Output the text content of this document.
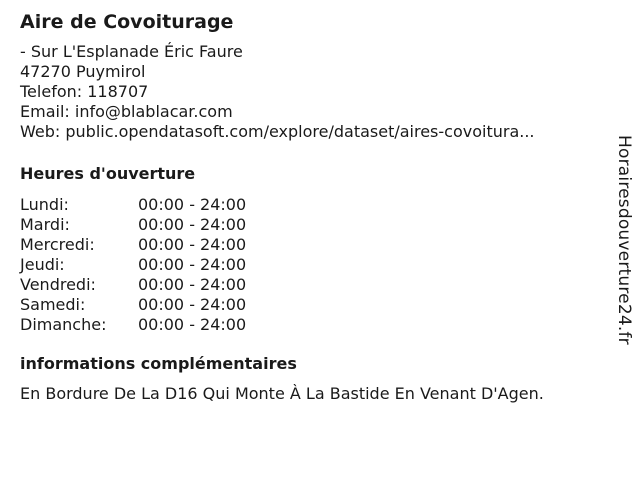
Aire de Covoiturage
- Sur L'Esplanade Éric Faure
47270 Puymirol
Telefon: 118707
Email: info@blablacar.com
Web: public.opendatasoft.com/explore/dataset/aires-covoitura...
Heures d'ouverture
Lundi:	00:00 - 24:00
Mardi:	00:00 - 24:00
Mercredi:	00:00 - 24:00
Jeudi:	00:00 - 24:00
Vendredi:	00:00 - 24:00
Samedi:	00:00 - 24:00
Dimanche:	00:00 - 24:00
informations complémentaires
En Bordure De La D16 Qui Monte À La Bastide En Venant D'Agen.
Horairesdouverture24.fr
